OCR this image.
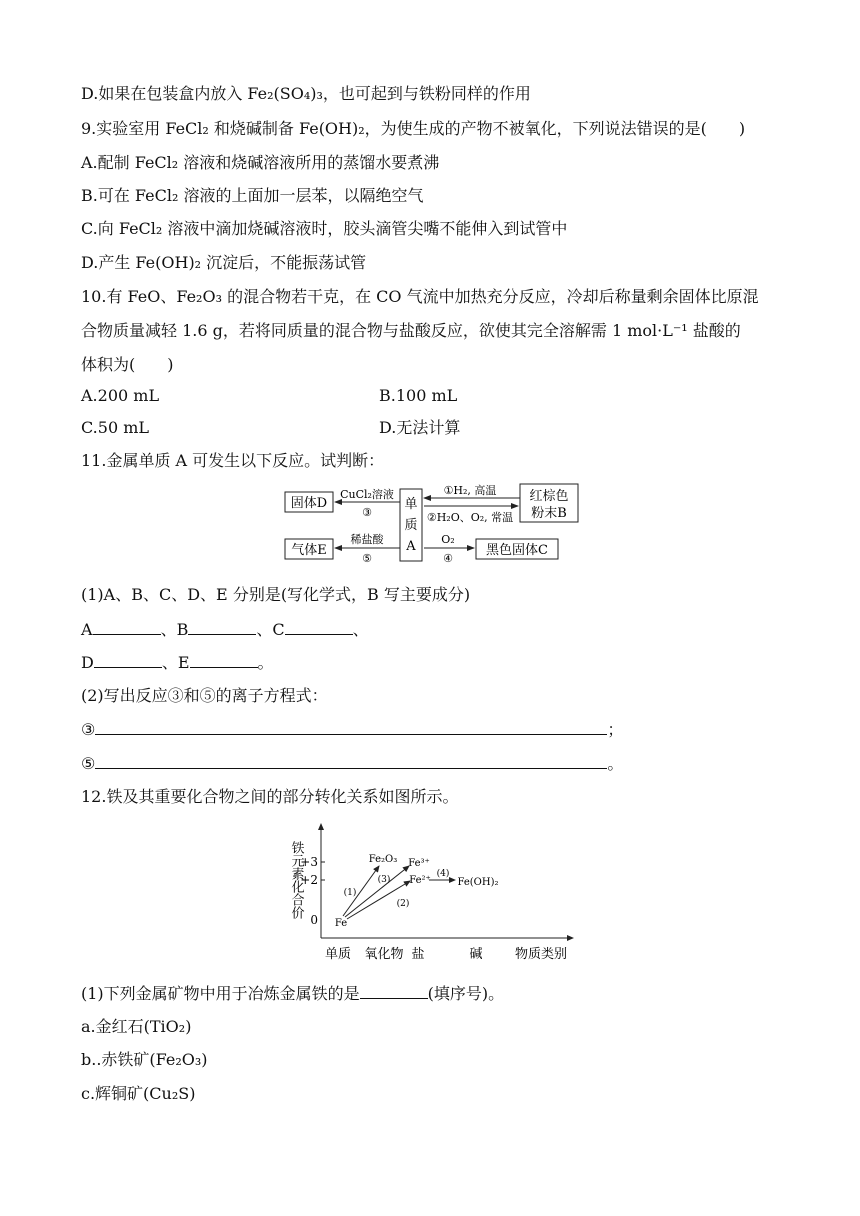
D.如果在包装盒内放入 Fe₂(SO₄)₃，也可起到与铁粉同样的作用
9.实验室用 FeCl₂ 和烧碱制备 Fe(OH)₂，为使生成的产物不被氧化，下列说法错误的是(　　)
A.配制 FeCl₂ 溶液和烧碱溶液所用的蒸馏水要煮沸
B.可在 FeCl₂ 溶液的上面加一层苯，以隔绝空气
C.向 FeCl₂ 溶液中滴加烧碱溶液时，胶头滴管尖嘴不能伸入到试管中
D.产生 Fe(OH)₂ 沉淀后，不能振荡试管
10.有 FeO、Fe₂O₃ 的混合物若干克，在 CO 气流中加热充分反应，冷却后称量剩余固体比原混
合物质量减轻 1.6 g，若将同质量的混合物与盐酸反应，欲使其完全溶解需 1 mol·L⁻¹ 盐酸的
体积为(　　)
A.200 mL	B.100 mL
C.50 mL	D.无法计算
11.金属单质 A 可发生以下反应。试判断：
固体D
气体E
单
质
A
红棕色
粉末B
黑色固体C
CuCl₂溶液
③
稀盐酸
⑤
①H₂, 高温
②H₂O、O₂, 常温
O₂
④
(1)A、B、C、D、E 分别是(写化学式，B 写主要成分)
A	、B	、C	、
D	、E	。
(2)写出反应③和⑤的离子方程式：
③	；
⑤	。
12.铁及其重要化合物之间的部分转化关系如图所示。
铁元素化合价
+3
+2
0
单质 氧化物 盐	碱 物质类别
Fe
Fe₂O₃ Fe³⁺
Fe²⁺	Fe(OH)₂
(1)
(2)
(3)
(4)
(1)下列金属矿物中用于冶炼金属铁的是	(填序号)。
a.金红石(TiO₂)
b..赤铁矿(Fe₂O₃)
c.辉铜矿(Cu₂S)
